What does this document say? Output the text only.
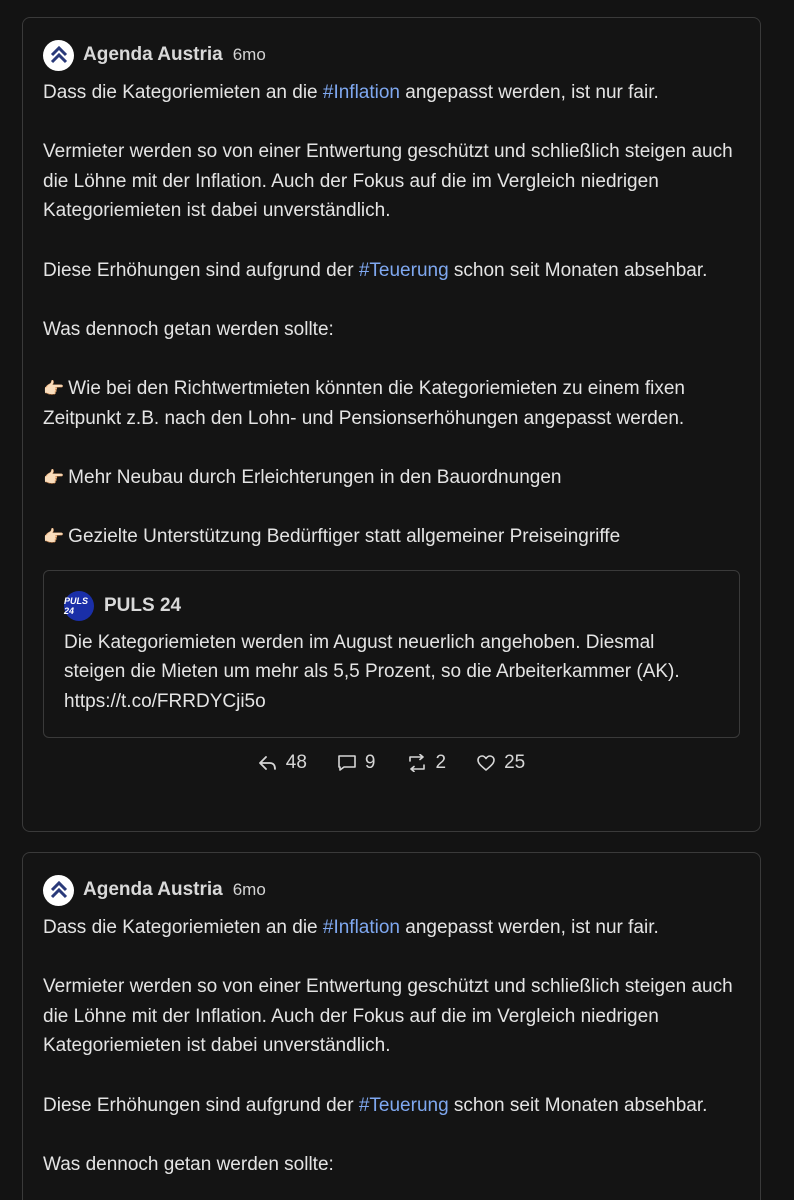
Agenda Austria 6mo

Dass die Kategoriemieten an die #Inflation angepasst werden, ist nur fair.

Vermieter werden so von einer Entwertung geschützt und schließlich steigen auch die Löhne mit der Inflation. Auch der Fokus auf die im Vergleich niedrigen Kategoriemieten ist dabei unverständlich.

Diese Erhöhungen sind aufgrund der #Teuerung schon seit Monaten absehbar.

Was dennoch getan werden sollte:

👉🏻 Wie bei den Richtwertmieten könnten die Kategoriemieten zu einem fixen Zeitpunkt z.B. nach den Lohn- und Pensionserhöhungen angepasst werden.

👉🏻 Mehr Neubau durch Erleichterungen in den Bauordnungen

👉🏻 Gezielte Unterstützung Bedürftiger statt allgemeiner Preiseingriffe

PULS 24	PULS 24
Die Kategoriemieten werden im August neuerlich angehoben. Diesmal steigen die Mieten um mehr als 5,5 Prozent, so die Arbeiterkammer (AK). https://t.co/FRRDYCji5o
48	9	2	25
Agenda Austria 6mo

Dass die Kategoriemieten an die #Inflation angepasst werden, ist nur fair.

Vermieter werden so von einer Entwertung geschützt und schließlich steigen auch die Löhne mit der Inflation. Auch der Fokus auf die im Vergleich niedrigen Kategoriemieten ist dabei unverständlich.

Diese Erhöhungen sind aufgrund der #Teuerung schon seit Monaten absehbar.

Was dennoch getan werden sollte:
